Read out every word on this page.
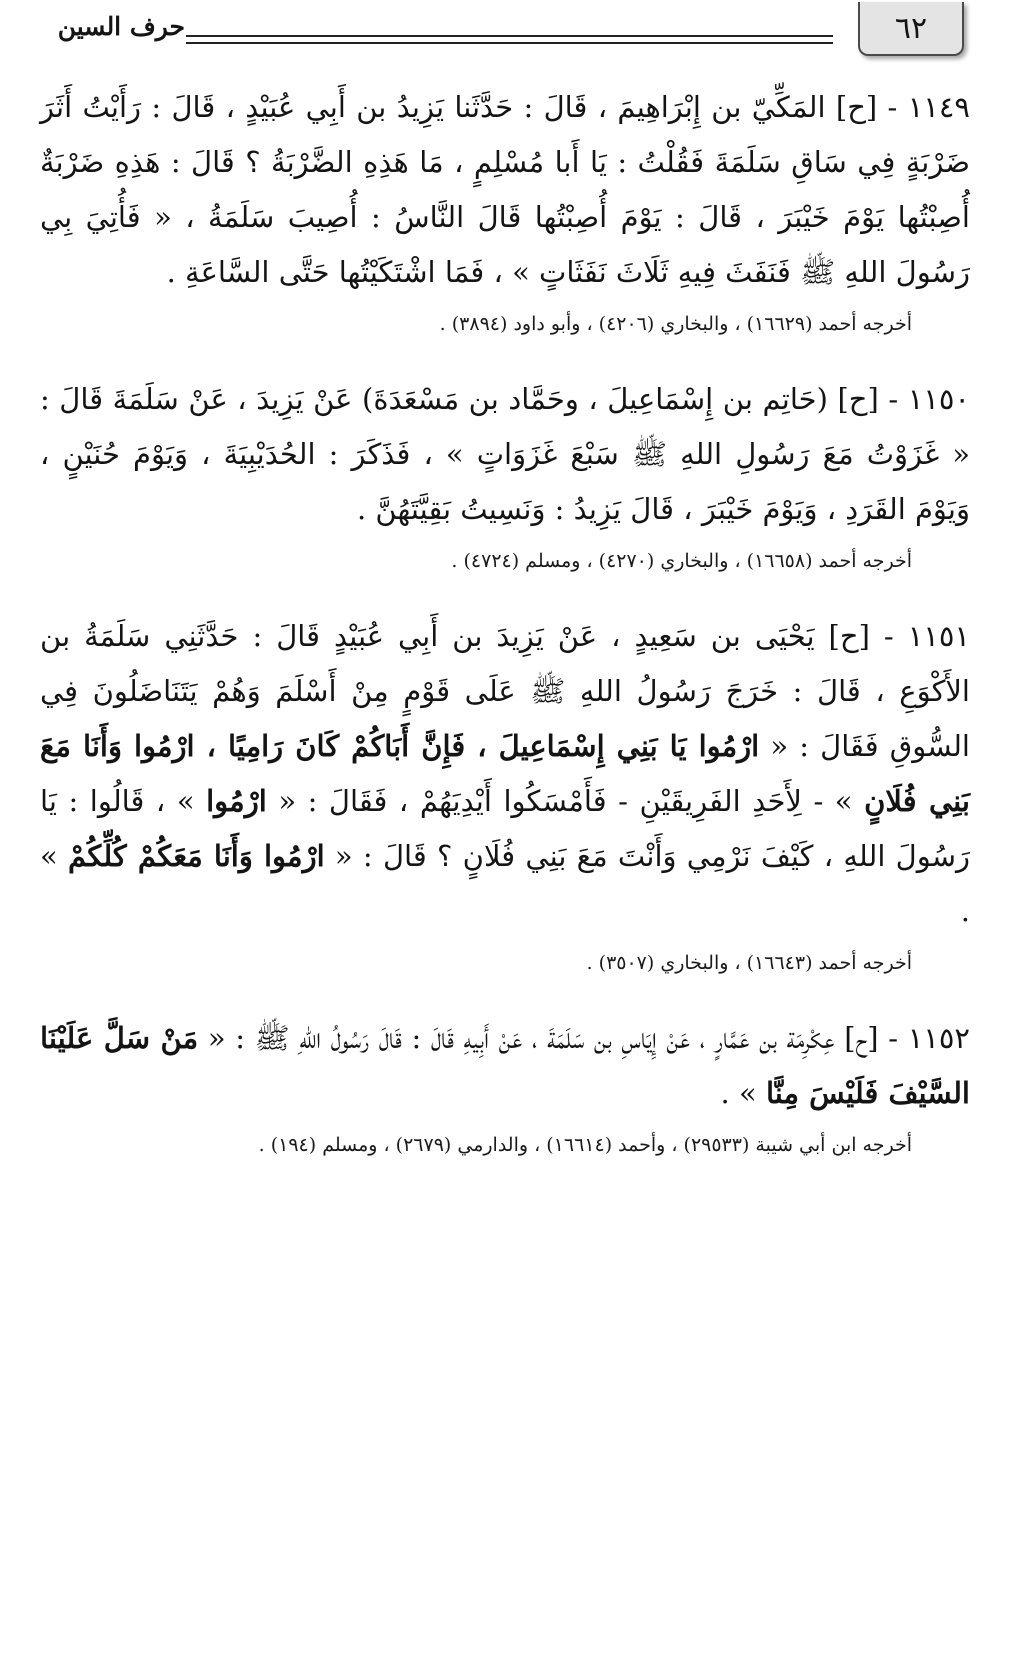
٦٢
حرف السين

١١٤٩ - [ح] المَكِّيّ بن إِبْرَاهِيمَ ، قَالَ : حَدَّثَنا يَزِيدُ بن أَبِي عُبَيْدٍ ، قَالَ : رَأَيْتُ أَثَرَ ضَرْبَةٍ فِي سَاقِ سَلَمَةَ فَقُلْتُ : يَا أَبا مُسْلِمٍ ، مَا هَذِهِ الضَّرْبَةُ ؟ قَالَ : هَذِهِ ضَرْبَةٌ أُصِبْتُها يَوْمَ خَيْبَرَ ، قَالَ : يَوْمَ أُصِبْتُها قَالَ النَّاسُ : أُصِيبَ سَلَمَةُ ، « فَأُتِيَ بِي رَسُولَ اللهِ ﷺ فَنَفَثَ فِيهِ ثَلَاثَ نَفَثَاتٍ » ، فَمَا اشْتَكَيْتُها حَتَّى السَّاعَةِ .

أخرجه أحمد (١٦٦٢٩) ، والبخاري (٤٢٠٦) ، وأبو داود (٣٨٩٤) .

١١٥٠ - [ح] (حَاتِم بن إِسْمَاعِيلَ ، وحَمَّاد بن مَسْعَدَةَ) عَنْ يَزِيدَ ، عَنْ سَلَمَةَ قَالَ : « غَزَوْتُ مَعَ رَسُولِ اللهِ ﷺ سَبْعَ غَزَوَاتٍ » ، فَذَكَرَ : الحُدَيْبِيَةَ ، وَيَوْمَ حُنَيْنٍ ، وَيَوْمَ القَرَدِ ، وَيَوْمَ خَيْبَرَ ، قَالَ يَزِيدُ : وَنَسِيتُ بَقِيَّتَهُنَّ .

أخرجه أحمد (١٦٦٥٨) ، والبخاري (٤٢٧٠) ، ومسلم (٤٧٢٤) .

١١٥١ - [ح] يَحْيَى بن سَعِيدٍ ، عَنْ يَزِيدَ بن أَبِي عُبَيْدٍ قَالَ : حَدَّثَنِي سَلَمَةُ بن الأَكْوَعِ ، قَالَ : خَرَجَ رَسُولُ اللهِ ﷺ عَلَى قَوْمٍ مِنْ أَسْلَمَ وَهُمْ يَتَنَاضَلُونَ فِي السُّوقِ فَقَالَ : « ارْمُوا يَا بَنِي إِسْمَاعِيلَ ، فَإِنَّ أَبَاكُمْ كَانَ رَامِيًا ، ارْمُوا وَأَنَا مَعَ بَنِي فُلَانٍ » - لِأَحَدِ الفَرِيقَيْنِ - فَأَمْسَكُوا أَيْدِيَهُمْ ، فَقَالَ : « ارْمُوا » ، قَالُوا : يَا رَسُولَ اللهِ ، كَيْفَ نَرْمِي وَأَنْتَ مَعَ بَنِي فُلَانٍ ؟ قَالَ : « ارْمُوا وَأَنَا مَعَكُمْ كُلِّكُمْ » .

أخرجه أحمد (١٦٦٤٣) ، والبخاري (٣٥٠٧) .

١١٥٢ - [ح] عِكْرِمَة بن عَمَّارٍ ، عَنْ إِيَاسِ بن سَلَمَةَ ، عَنْ أَبِيهِ قَالَ : قَالَ رَسُولُ اللهِ ﷺ : « مَنْ سَلَّ عَلَيْنَا السَّيْفَ فَلَيْسَ مِنَّا » .

أخرجه ابن أبي شيبة (٢٩٥٣٣) ، وأحمد (١٦٦١٤) ، والدارمي (٢٦٧٩) ، ومسلم (١٩٤) .
